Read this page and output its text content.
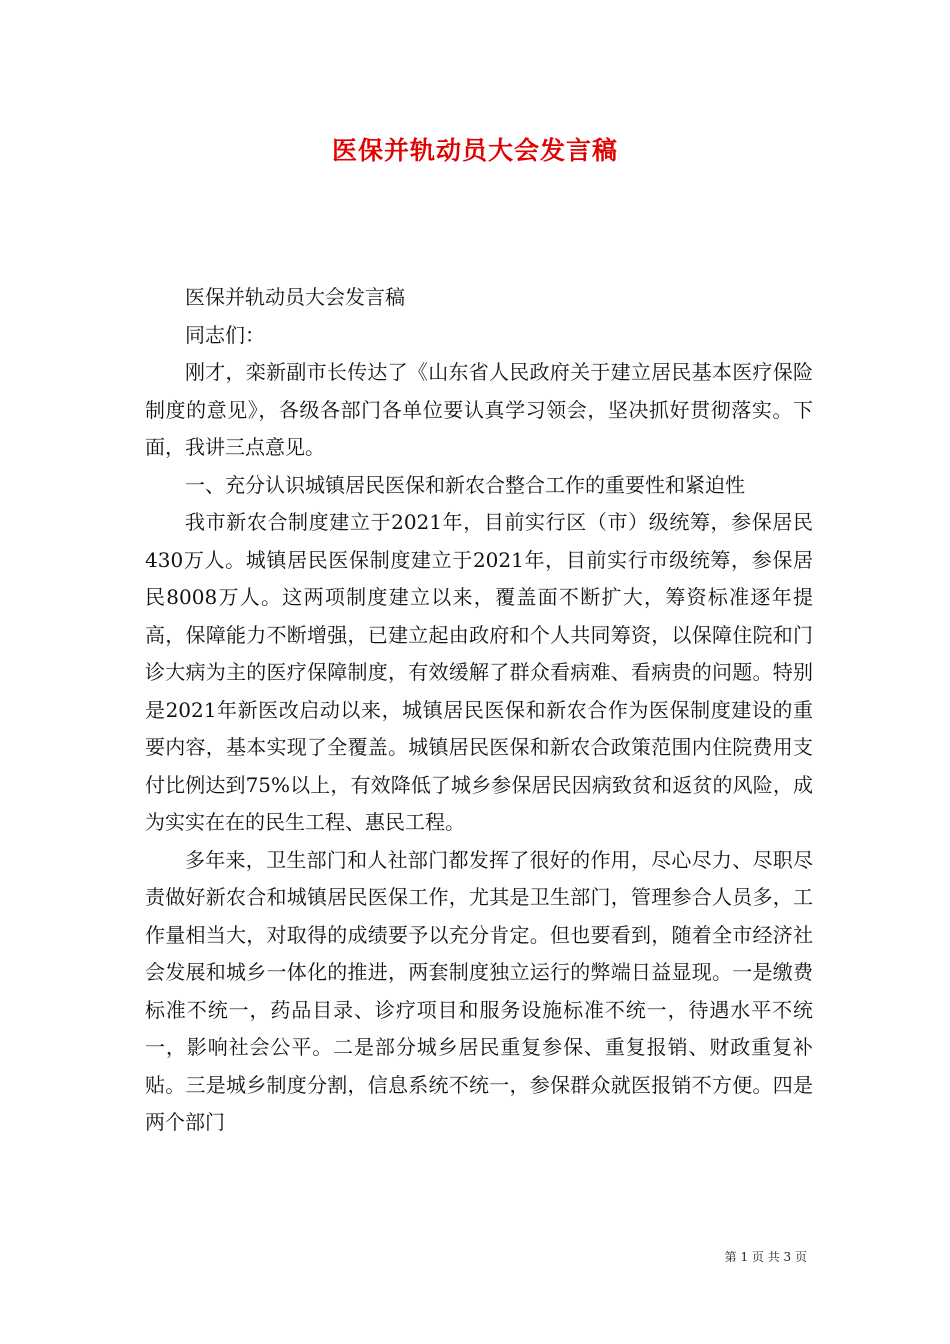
医保并轨动员大会发言稿

医保并轨动员大会发言稿

同志们：

刚才，栾新副市长传达了《山东省人民政府关于建立居民基本医疗保险制度的意见》，各级各部门各单位要认真学习领会，坚决抓好贯彻落实。下面，我讲三点意见。

一、充分认识城镇居民医保和新农合整合工作的重要性和紧迫性

我市新农合制度建立于2021年，目前实行区（市）级统筹，参保居民430万人。城镇居民医保制度建立于2021年，目前实行市级统筹，参保居民8008万人。这两项制度建立以来，覆盖面不断扩大，筹资标准逐年提高，保障能力不断增强，已建立起由政府和个人共同筹资，以保障住院和门诊大病为主的医疗保障制度，有效缓解了群众看病难、看病贵的问题。特别是2021年新医改启动以来，城镇居民医保和新农合作为医保制度建设的重要内容，基本实现了全覆盖。城镇居民医保和新农合政策范围内住院费用支付比例达到75%以上，有效降低了城乡参保居民因病致贫和返贫的风险，成为实实在在的民生工程、惠民工程。

多年来，卫生部门和人社部门都发挥了很好的作用，尽心尽力、尽职尽责做好新农合和城镇居民医保工作，尤其是卫生部门，管理参合人员多，工作量相当大，对取得的成绩要予以充分肯定。但也要看到，随着全市经济社会发展和城乡一体化的推进，两套制度独立运行的弊端日益显现。一是缴费标准不统一，药品目录、诊疗项目和服务设施标准不统一，待遇水平不统一，影响社会公平。二是部分城乡居民重复参保、重复报销、财政重复补贴。三是城乡制度分割，信息系统不统一，参保群众就医报销不方便。四是两个部门

第 1 页 共 3 页
